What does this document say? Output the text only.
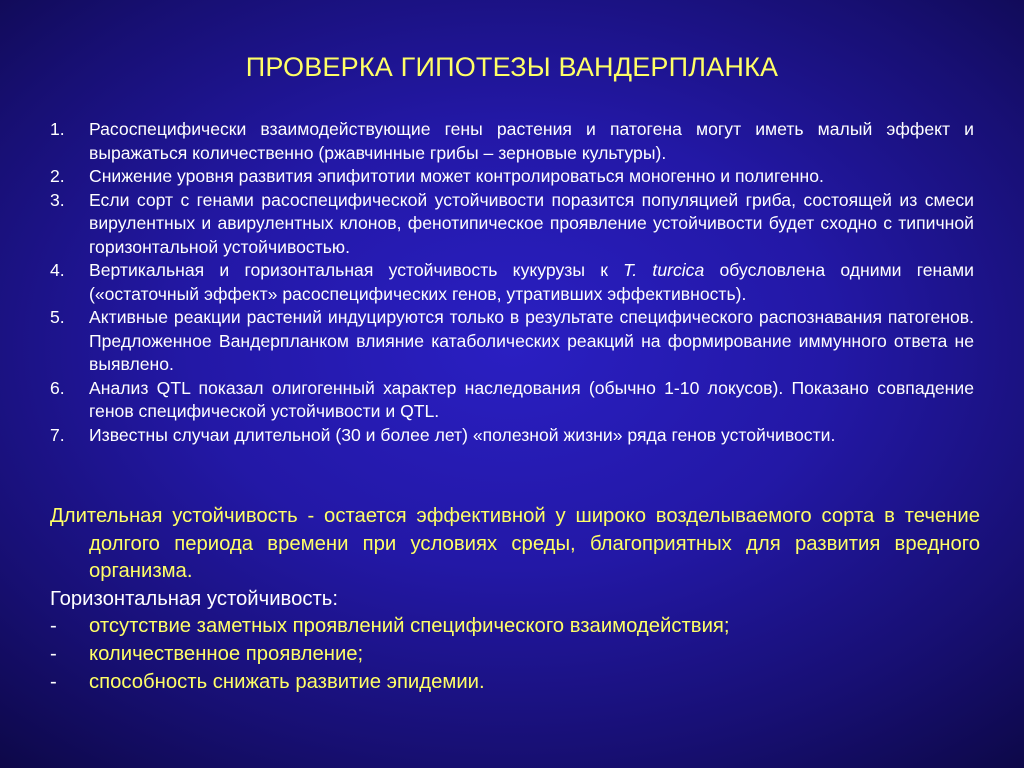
ПРОВЕРКА ГИПОТЕЗЫ ВАНДЕРПЛАНКА
1. Расоспецифически взаимодействующие гены растения и патогена могут иметь малый эффект и выражаться количественно (ржавчинные грибы – зерновые культуры).
2. Снижение уровня развития эпифитотии может контролироваться моногенно и полигенно.
3. Если сорт с генами расоспецифической устойчивости поразится популяцией гриба, состоящей из смеси вирулентных и авирулентных клонов, фенотипическое проявление устойчивости будет сходно с типичной горизонтальной устойчивостью.
4. Вертикальная и горизонтальная устойчивость кукурузы к T. turcica обусловлена одними генами («остаточный эффект» расоспецифических генов, утративших эффективность).
5. Активные реакции растений индуцируются только в результате специфического распознавания патогенов. Предложенное Вандерпланком влияние катаболических реакций на формирование иммунного ответа не выявлено.
6. Анализ QTL показал олигогенный характер наследования (обычно 1-10 локусов). Показано совпадение генов специфической устойчивости и QTL.
7. Известны случаи длительной (30 и более лет) «полезной жизни» ряда генов устойчивости.
Длительная устойчивость - остается эффективной у широко возделываемого сорта в течение долгого периода времени при условиях среды, благоприятных для развития вредного организма.
Горизонтальная устойчивость:
- отсутствие заметных проявлений специфического взаимодействия;
- количественное проявление;
- способность снижать развитие эпидемии.
